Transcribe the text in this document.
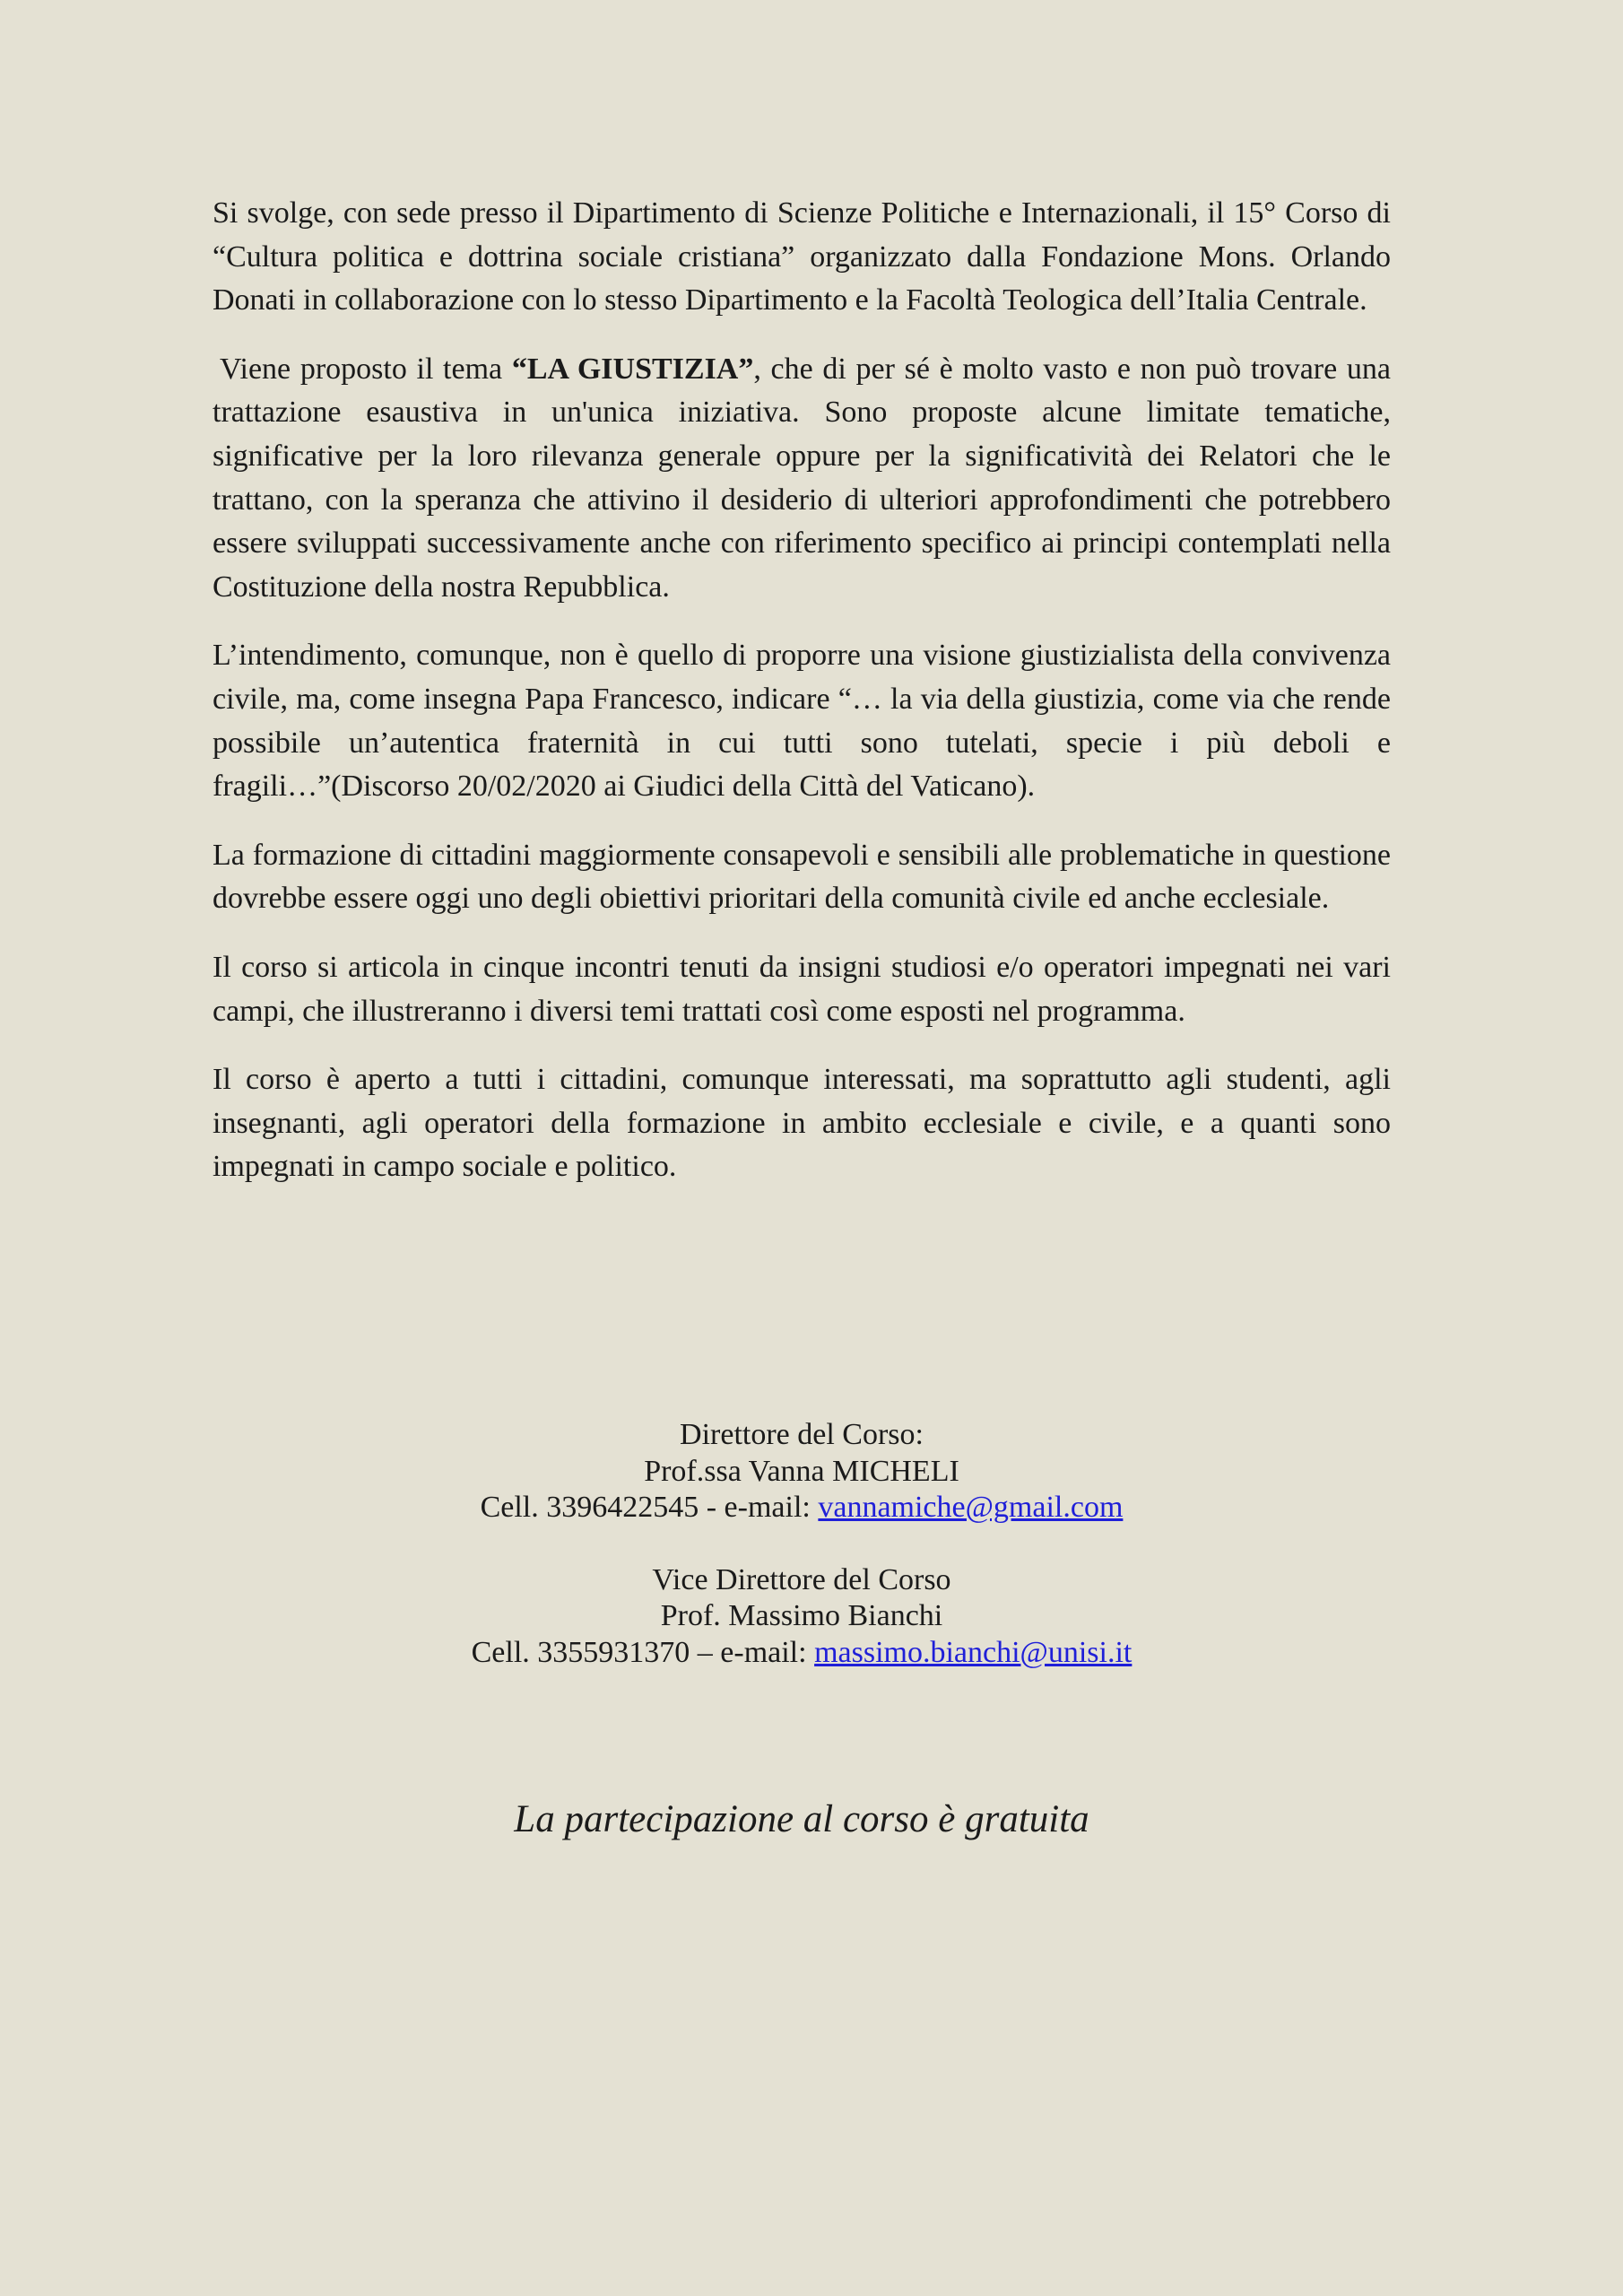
Si svolge, con sede presso il Dipartimento di Scienze Politiche e Internazionali, il 15° Corso di “Cultura politica e dottrina sociale cristiana” organizzato dalla Fondazione Mons. Orlando Donati in collaborazione con lo stesso Dipartimento e la Facoltà Teologica dell’Italia Centrale.

Viene proposto il tema “LA GIUSTIZIA”, che di per sé è molto vasto e non può trovare una trattazione esaustiva in un'unica iniziativa. Sono proposte alcune limitate tematiche, significative per la loro rilevanza generale oppure per la significatività dei Relatori che le trattano, con la speranza che attivino il desiderio di ulteriori approfondimenti che potrebbero essere sviluppati successivamente anche con riferimento specifico ai principi contemplati nella Costituzione della nostra Repubblica.

L’intendimento, comunque, non è quello di proporre una visione giustizialista della convivenza civile, ma, come insegna Papa Francesco, indicare “… la via della giustizia, come via che rende possibile un’autentica fraternità in cui tutti sono tutelati, specie i più deboli e fragili…”(Discorso 20/02/2020 ai Giudici della Città del Vaticano).

La formazione di cittadini maggiormente consapevoli e sensibili alle problematiche in questione dovrebbe essere oggi uno degli obiettivi prioritari della comunità civile ed anche ecclesiale.

Il corso si articola in cinque incontri tenuti da insigni studiosi e/o operatori impegnati nei vari campi, che illustreranno i diversi temi trattati così come esposti nel programma.

Il corso è aperto a tutti i cittadini, comunque interessati, ma soprattutto agli studenti, agli insegnanti, agli operatori della formazione in ambito ecclesiale e civile, e a quanti sono impegnati in campo sociale e politico.

Direttore del Corso:
Prof.ssa Vanna MICHELI
Cell. 3396422545 - e-mail: vannamiche@gmail.com
Vice Direttore del Corso
Prof. Massimo Bianchi
Cell. 3355931370 – e-mail: massimo.bianchi@unisi.it
La partecipazione al corso è gratuita
